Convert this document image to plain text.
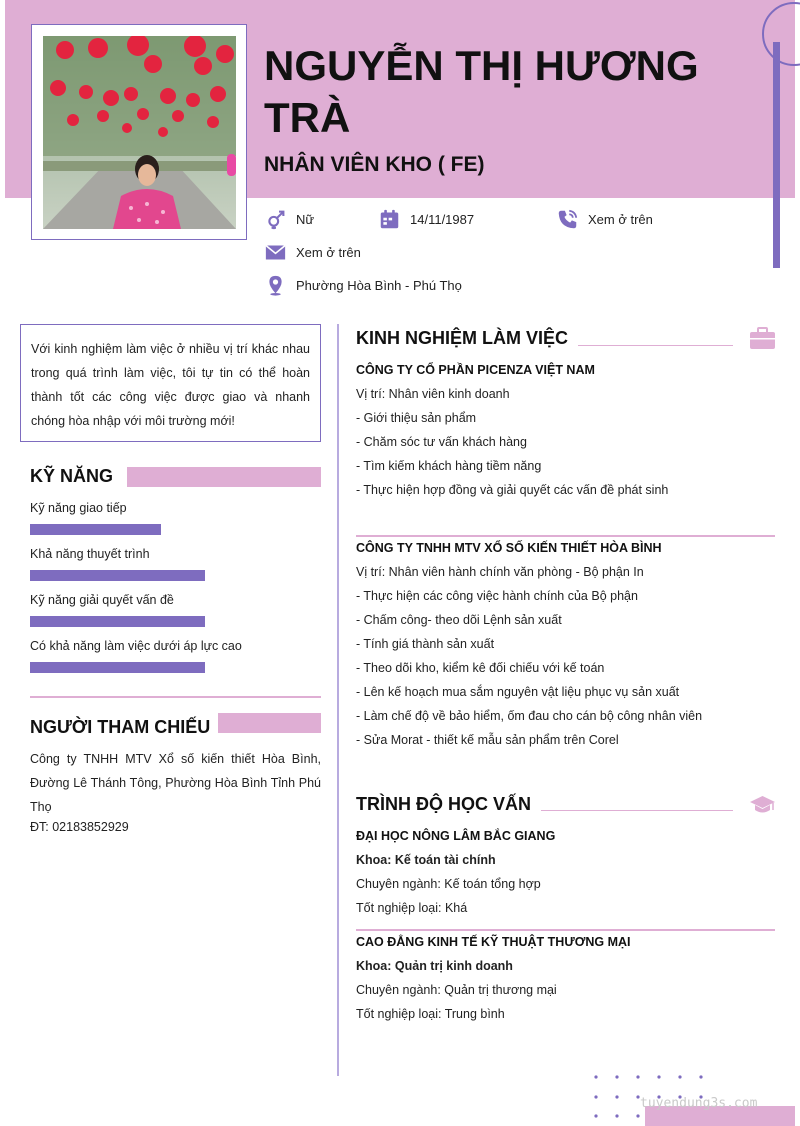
NGUYỄN THỊ HƯƠNG TRÀ
NHÂN VIÊN KHO ( FE)
Nữ	14/11/1987	Xem ở trên
Xem ở trên
Phường Hòa Bình - Phú Thọ
Với kinh nghiệm làm việc ở nhiều vị trí khác nhau trong quá trình làm việc, tôi tự tin có thể hoàn thành tốt các công việc được giao và nhanh chóng hòa nhập với môi trường mới!
KỸ NĂNG
Kỹ năng giao tiếp
Khả năng thuyết trình
Kỹ năng giải quyết vấn đề
Có khả năng làm việc dưới áp lực cao
NGƯỜI THAM CHIẾU
Công ty TNHH MTV Xổ số kiến thiết Hòa Bình, Đường Lê Thánh Tông, Phường Hòa Bình Tỉnh Phú Thọ
ĐT: 02183852929
KINH NGHIỆM LÀM VIỆC
CÔNG TY CỔ PHẦN PICENZA VIỆT NAM
Vị trí: Nhân viên kinh doanh
- Giới thiệu sản phẩm
- Chăm sóc tư vấn khách hàng
- Tìm kiếm khách hàng tiềm năng
- Thực hiện hợp đồng và giải quyết các vấn đề phát sinh
CÔNG TY TNHH MTV XỔ SỐ KIẾN THIẾT HÒA BÌNH
Vị trí: Nhân viên hành chính văn phòng - Bộ phận In
- Thực hiện các công việc hành chính của Bộ phận
- Chấm công- theo dõi Lệnh sản xuất
- Tính giá thành sản xuất
- Theo dõi kho, kiểm kê đối chiếu với kế toán
- Lên kế hoạch mua sắm nguyên vật liệu phục vụ sản xuất
- Làm chế độ về bảo hiểm, ốm đau cho cán bộ công nhân viên
- Sửa Morat - thiết kế mẫu sản phẩm trên Corel
TRÌNH ĐỘ HỌC VẤN
ĐẠI HỌC NÔNG LÂM BẮC GIANG
Khoa: Kế toán tài chính
Chuyên ngành: Kế toán tổng hợp
Tốt nghiệp loại: Khá
CAO ĐẲNG KINH TẾ KỸ THUẬT THƯƠNG MẠI
Khoa: Quản trị kinh doanh
Chuyên ngành: Quản trị thương mại
Tốt nghiệp loại: Trung bình
tuyendung3s.com
